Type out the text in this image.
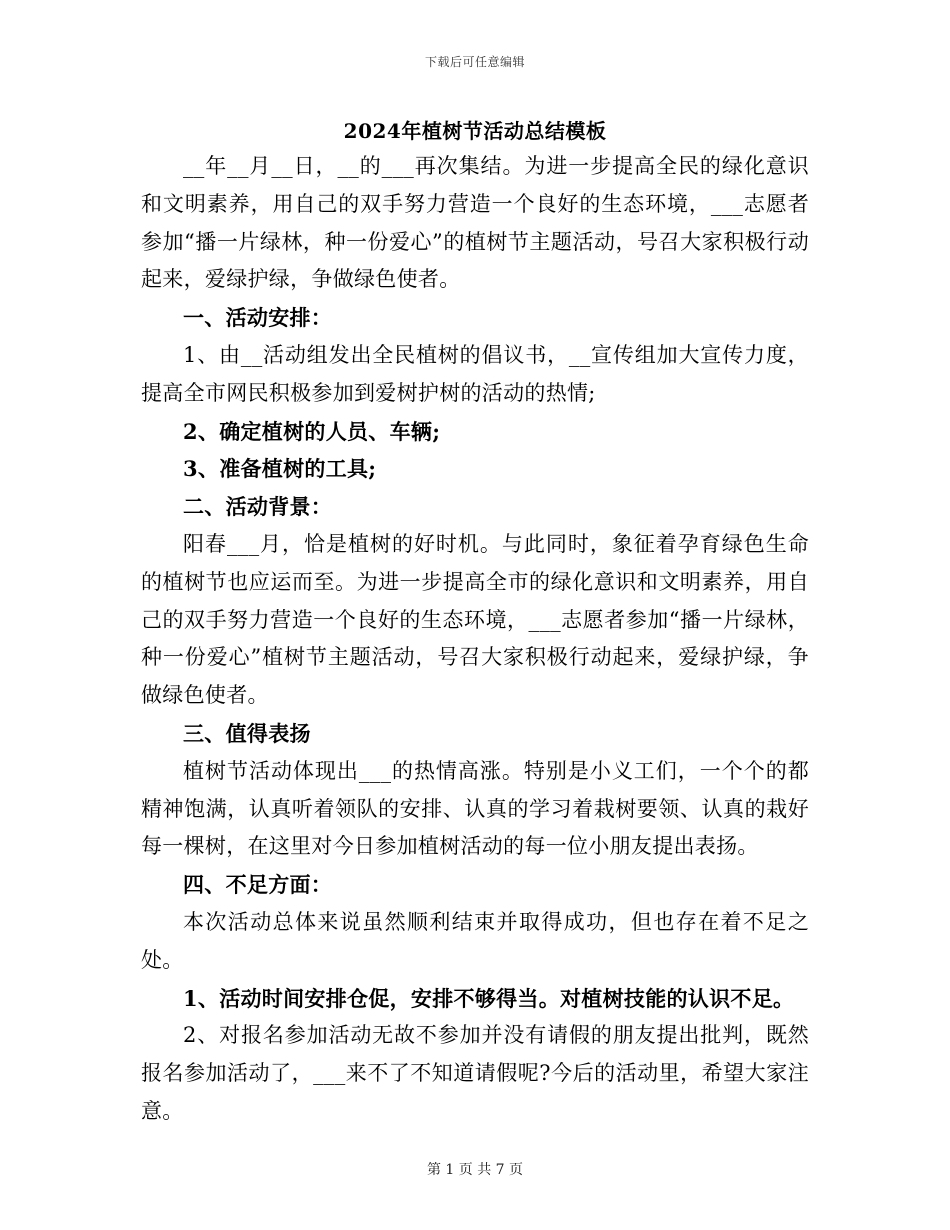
下载后可任意编辑
2024年植树节活动总结模板

__年__月__日，__的___再次集结。为进一步提高全民的绿化意识和文明素养，用自己的双手努力营造一个良好的生态环境，___志愿者参加“播一片绿林，种一份爱心”的植树节主题活动，号召大家积极行动起来，爱绿护绿，争做绿色使者。

一、活动安排：

1、由__活动组发出全民植树的倡议书，__宣传组加大宣传力度，提高全市网民积极参加到爱树护树的活动的热情;

2、确定植树的人员、车辆;

3、准备植树的工具;

二、活动背景：

阳春___月，恰是植树的好时机。与此同时，象征着孕育绿色生命的植树节也应运而至。为进一步提高全市的绿化意识和文明素养，用自己的双手努力营造一个良好的生态环境，___志愿者参加“播一片绿林，种一份爱心”植树节主题活动，号召大家积极行动起来，爱绿护绿，争做绿色使者。

三、值得表扬

植树节活动体现出___的热情高涨。特别是小义工们，一个个的都精神饱满，认真听着领队的安排、认真的学习着栽树要领、认真的栽好每一棵树，在这里对今日参加植树活动的每一位小朋友提出表扬。

四、不足方面：

本次活动总体来说虽然顺利结束并取得成功，但也存在着不足之处。

1、活动时间安排仓促，安排不够得当。对植树技能的认识不足。

2、对报名参加活动无故不参加并没有请假的朋友提出批判，既然报名参加活动了，___来不了不知道请假呢?今后的活动里，希望大家注意。

第 1 页 共 7 页
